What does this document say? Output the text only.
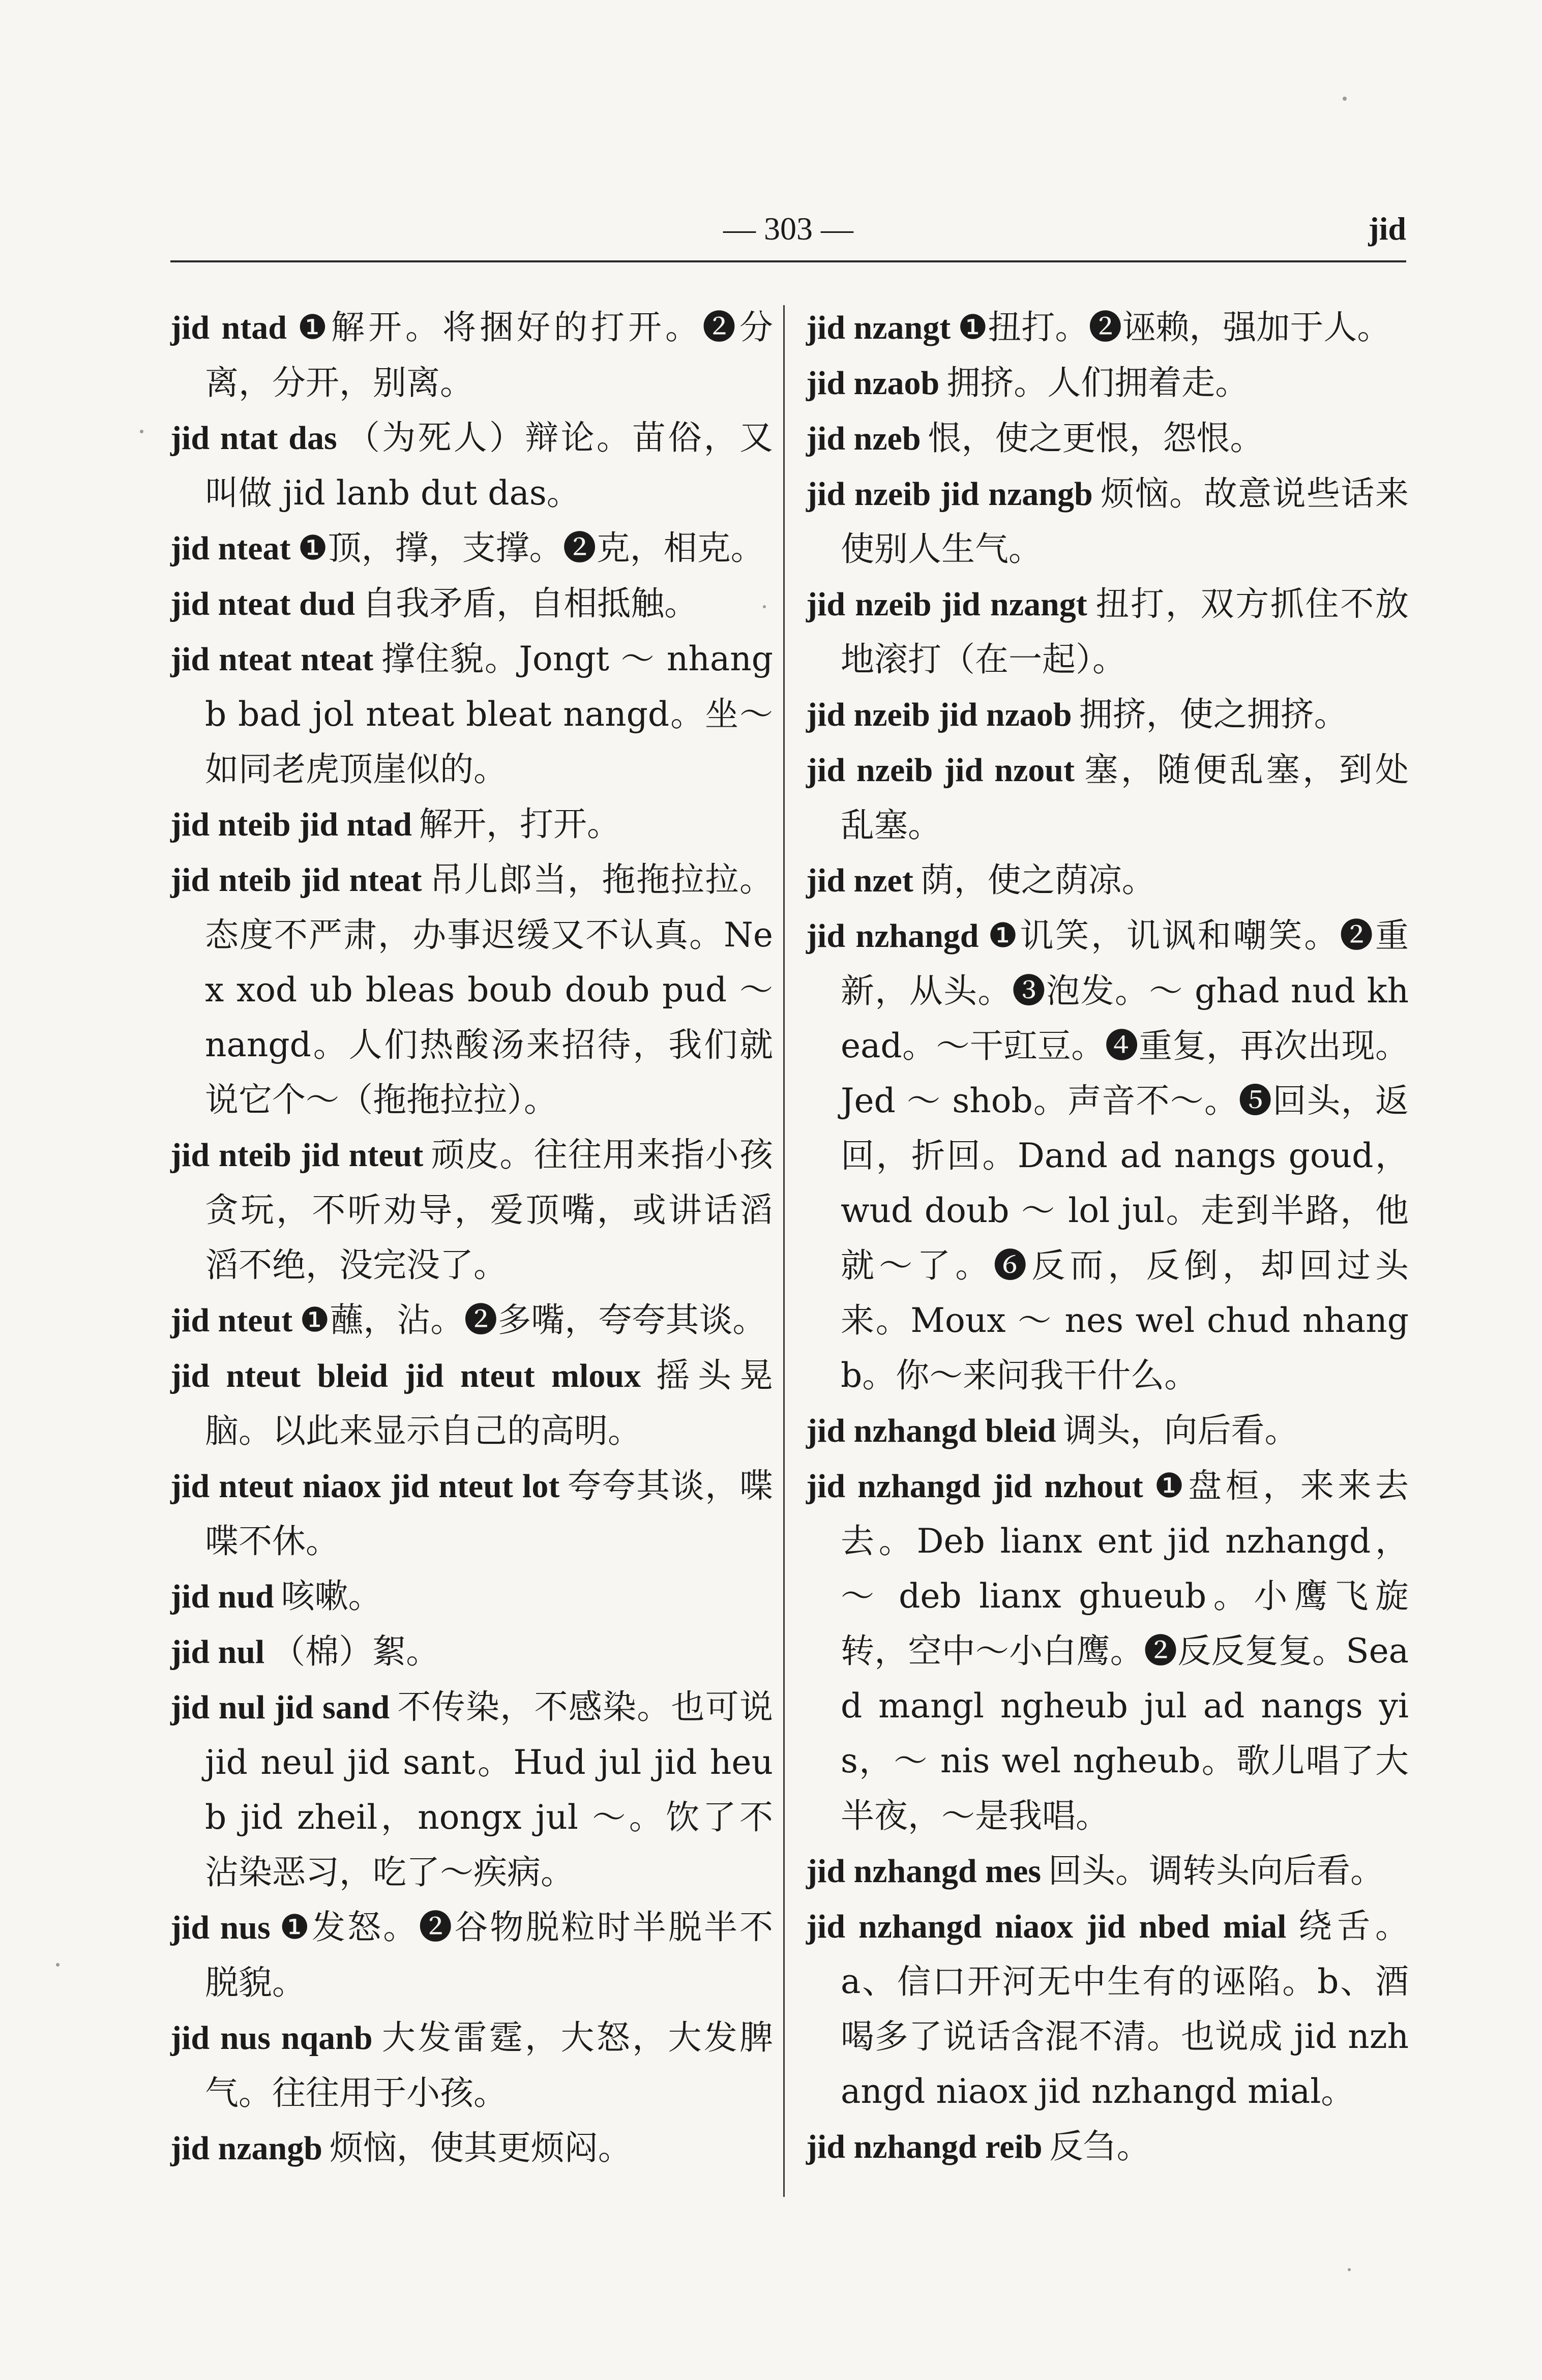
— 303 —	jid

jid ntad ❶解开。将捆好的打开。❷分离，分开，别离。

jid ntat das （为死人）辩论。苗俗，又叫做 jid lanb dut das。

jid nteat ❶顶，撑，支撑。❷克，相克。

jid nteat dud 自我矛盾，自相抵触。

jid nteat nteat 撑住貌。Jongt ～ nhangb bad jol nteat bleat nangd。坐～如同老虎顶崖似的。

jid nteib jid ntad 解开，打开。

jid nteib jid nteat 吊儿郎当，拖拖拉拉。态度不严肃，办事迟缓又不认真。Nex xod ub bleas boub doub pud ～ nangd。人们热酸汤来招待，我们就说它个～（拖拖拉拉）。

jid nteib jid nteut 顽皮。往往用来指小孩贪玩，不听劝导，爱顶嘴，或讲话滔滔不绝，没完没了。

jid nteut ❶蘸，沾。❷多嘴，夸夸其谈。

jid nteut bleid jid nteut mloux 摇头晃脑。以此来显示自己的高明。

jid nteut niaox jid nteut lot 夸夸其谈，喋喋不休。

jid nud 咳嗽。

jid nul （棉）絮。

jid nul jid sand 不传染，不感染。也可说 jid neul jid sant。Hud jul jid heub jid zheil，nongx jul ～。饮了不沾染恶习，吃了～疾病。

jid nus ❶发怒。❷谷物脱粒时半脱半不脱貌。

jid nus nqanb 大发雷霆，大怒，大发脾气。往往用于小孩。

jid nzangb 烦恼，使其更烦闷。

jid nzangt ❶扭打。❷诬赖，强加于人。

jid nzaob 拥挤。人们拥着走。

jid nzeb 恨，使之更恨，怨恨。

jid nzeib jid nzangb 烦恼。故意说些话来使别人生气。

jid nzeib jid nzangt 扭打，双方抓住不放地滚打（在一起）。

jid nzeib jid nzaob 拥挤，使之拥挤。

jid nzeib jid nzout 塞，随便乱塞，到处乱塞。

jid nzet 荫，使之荫凉。

jid nzhangd ❶讥笑，讥讽和嘲笑。❷重新，从头。❸泡发。～ ghad nud khead。～干豇豆。❹重复，再次出现。Jed ～ shob。声音不～。❺回头，返回，折回。Dand ad nangs goud，wud doub ～ lol jul。走到半路，他就～了。❻反而，反倒，却回过头来。Moux ～ nes wel chud nhangb。你～来问我干什么。

jid nzhangd bleid 调头，向后看。

jid nzhangd jid nzhout ❶盘桓，来来去去。Deb lianx ent jid nzhangd，～ deb lianx ghueub。小鹰飞旋转，空中～小白鹰。❷反反复复。Sead mangl ngheub jul ad nangs yis，～ nis wel ngheub。歌儿唱了大半夜，～是我唱。

jid nzhangd mes 回头。调转头向后看。

jid nzhangd niaox jid nbed mial 绕舌。a、信口开河无中生有的诬陷。b、酒喝多了说话含混不清。也说成 jid nzhangd niaox jid nzhangd mial。

jid nzhangd reib 反刍。
